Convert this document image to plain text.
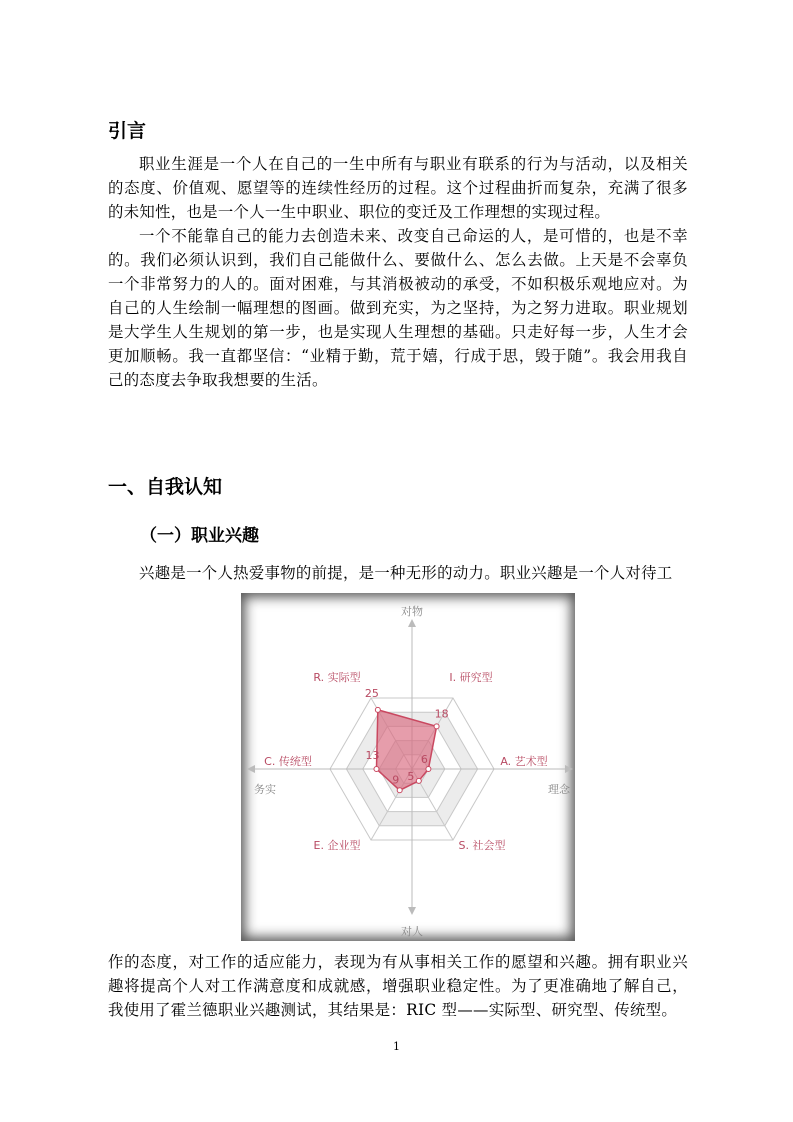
引言

职业生涯是一个人在自己的一生中所有与职业有联系的行为与活动，以及相关的态度、价值观、愿望等的连续性经历的过程。这个过程曲折而复杂，充满了很多的未知性，也是一个人一生中职业、职位的变迁及工作理想的实现过程。

一个不能靠自己的能力去创造未来、改变自己命运的人，是可惜的，也是不幸的。我们必须认识到，我们自己能做什么、要做什么、怎么去做。上天是不会辜负一个非常努力的人的。面对困难，与其消极被动的承受，不如积极乐观地应对。为自己的人生绘制一幅理想的图画。做到充实，为之坚持，为之努力进取。职业规划是大学生人生规划的第一步，也是实现人生理想的基础。只走好每一步，人生才会更加顺畅。我一直都坚信：“业精于勤，荒于嬉，行成于思，毁于随”。我会用我自己的态度去争取我想要的生活。

一、自我认知
（一）职业兴趣

兴趣是一个人热爱事物的前提，是一种无形的动力。职业兴趣是一个人对待工

对物
对人
务实	理念
25
18
6
5
9
13
R. 实际型	I. 研究型
A. 艺术型
S. 社会型
E. 企业型
C. 传统型

作的态度，对工作的适应能力，表现为有从事相关工作的愿望和兴趣。拥有职业兴趣将提高个人对工作满意度和成就感，增强职业稳定性。为了更准确地了解自己，我使用了霍兰德职业兴趣测试，其结果是：RIC 型——实际型、研究型、传统型。

1
